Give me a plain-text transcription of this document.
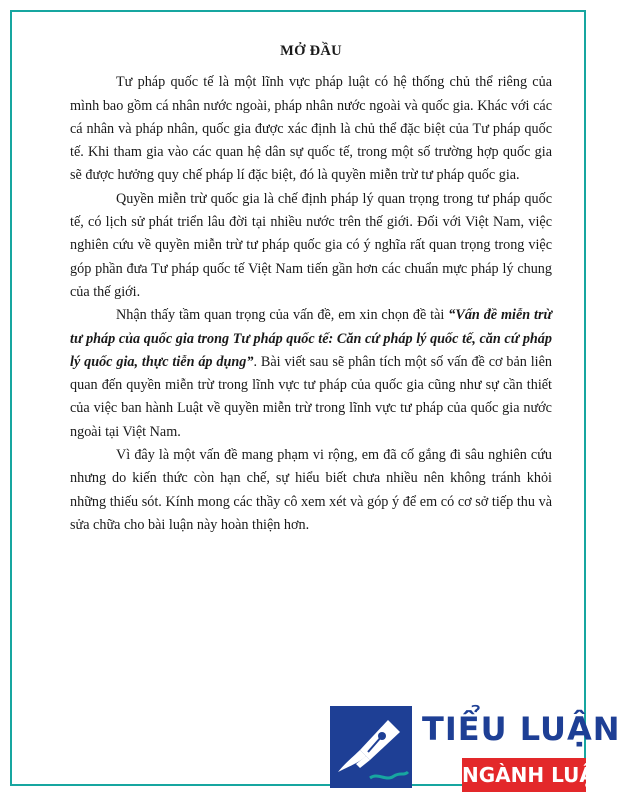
MỞ ĐẦU

Tư pháp quốc tế là một lĩnh vực pháp luật có hệ thống chủ thể riêng của mình bao gồm cá nhân nước ngoài, pháp nhân nước ngoài và quốc gia. Khác với các cá nhân và pháp nhân, quốc gia được xác định là chủ thể đặc biệt của Tư pháp quốc tế. Khi tham gia vào các quan hệ dân sự quốc tế, trong một số trường hợp quốc gia sẽ được hưởng quy chế pháp lí đặc biệt, đó là quyền miễn trừ tư pháp quốc gia.

Quyền miễn trừ quốc gia là chế định pháp lý quan trọng trong tư pháp quốc tế, có lịch sử phát triển lâu đời tại nhiều nước trên thế giới. Đối với Việt Nam, việc nghiên cứu về quyền miễn trừ tư pháp quốc gia có ý nghĩa rất quan trọng trong việc góp phần đưa Tư pháp quốc tế Việt Nam tiến gần hơn các chuẩn mực pháp lý chung của thế giới.

Nhận thấy tầm quan trọng của vấn đề, em xin chọn đề tài “Vấn đề miễn trừ tư pháp của quốc gia trong Tư pháp quốc tế: Căn cứ pháp lý quốc tế, căn cứ pháp lý quốc gia, thực tiễn áp dụng”. Bài viết sau sẽ phân tích một số vấn đề cơ bản liên quan đến quyền miễn trừ trong lĩnh vực tư pháp của quốc gia cũng như sự cần thiết của việc ban hành Luật về quyền miễn trừ trong lĩnh vực tư pháp của quốc gia nước ngoài tại Việt Nam.

Vì đây là một vấn đề mang phạm vi rộng, em đã cố gắng đi sâu nghiên cứu nhưng do kiến thức còn hạn chế, sự hiểu biết chưa nhiều nên không tránh khỏi những thiếu sót. Kính mong các thầy cô xem xét và góp ý để em có cơ sở tiếp thu và sửa chữa cho bài luận này hoàn thiện hơn.

TIỂU LUẬN
NGÀNH LUẬT
